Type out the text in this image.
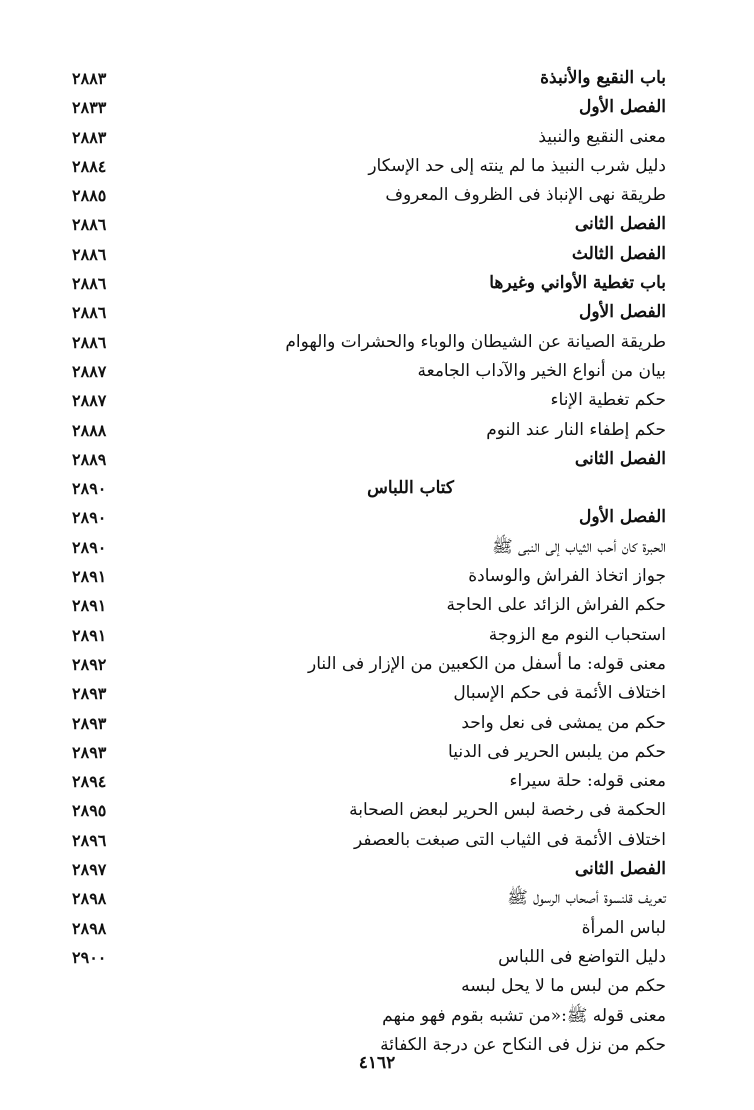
باب النقيع والأنبذة
٢٨٨٣
الفصل الأول
٢٨٣٣
معنى النقيع والنبيذ
٢٨٨٣
دليل شرب النبيذ ما لم ينته إلى حد الإسكار
٢٨٨٤
طريقة نهى الإنباذ فى الظروف المعروف
٢٨٨٥
الفصل الثانى
٢٨٨٦
الفصل الثالث
٢٨٨٦
باب تغطية الأواني وغيرها
٢٨٨٦
الفصل الأول
٢٨٨٦
طريقة الصيانة عن الشيطان والوباء والحشرات والهوام
٢٨٨٦
بيان من أنواع الخير والآداب الجامعة
٢٨٨٧
حكم تغطية الإناء
٢٨٨٧
حكم إطفاء النار عند النوم
٢٨٨٨
الفصل الثانى
٢٨٨٩
كتاب اللباس
٢٨٩٠
الفصل الأول
٢٨٩٠
الحبرة كان أحب الثياب إلى النبى ﷺ
٢٨٩٠
جواز اتخاذ الفراش والوسادة
٢٨٩١
حكم الفراش الزائد على الحاجة
٢٨٩١
استحباب النوم مع الزوجة
٢٨٩١
معنى قوله: ما أسفل من الكعبين من الإزار فى النار
٢٨٩٢
اختلاف الأئمة فى حكم الإسبال
٢٨٩٣
حكم من يمشى فى نعل واحد
٢٨٩٣
حكم من يلبس الحرير فى الدنيا
٢٨٩٣
معنى قوله: حلة سيراء
٢٨٩٤
الحكمة فى رخصة لبس الحرير لبعض الصحابة
٢٨٩٥
اختلاف الأئمة فى الثياب التى صبغت بالعصفر
٢٨٩٦
الفصل الثانى
٢٨٩٧
تعريف قلنسوة أصحاب الرسول ﷺ
٢٨٩٨
لباس المرأة
٢٨٩٨
دليل التواضع فى اللباس
٢٩٠٠
حكم من لبس ما لا يحل لبسه
معنى قوله ﷺ:«من تشبه بقوم فهو منهم
حكم من نزل فى النكاح عن درجة الكفائة
٤١٦٢
